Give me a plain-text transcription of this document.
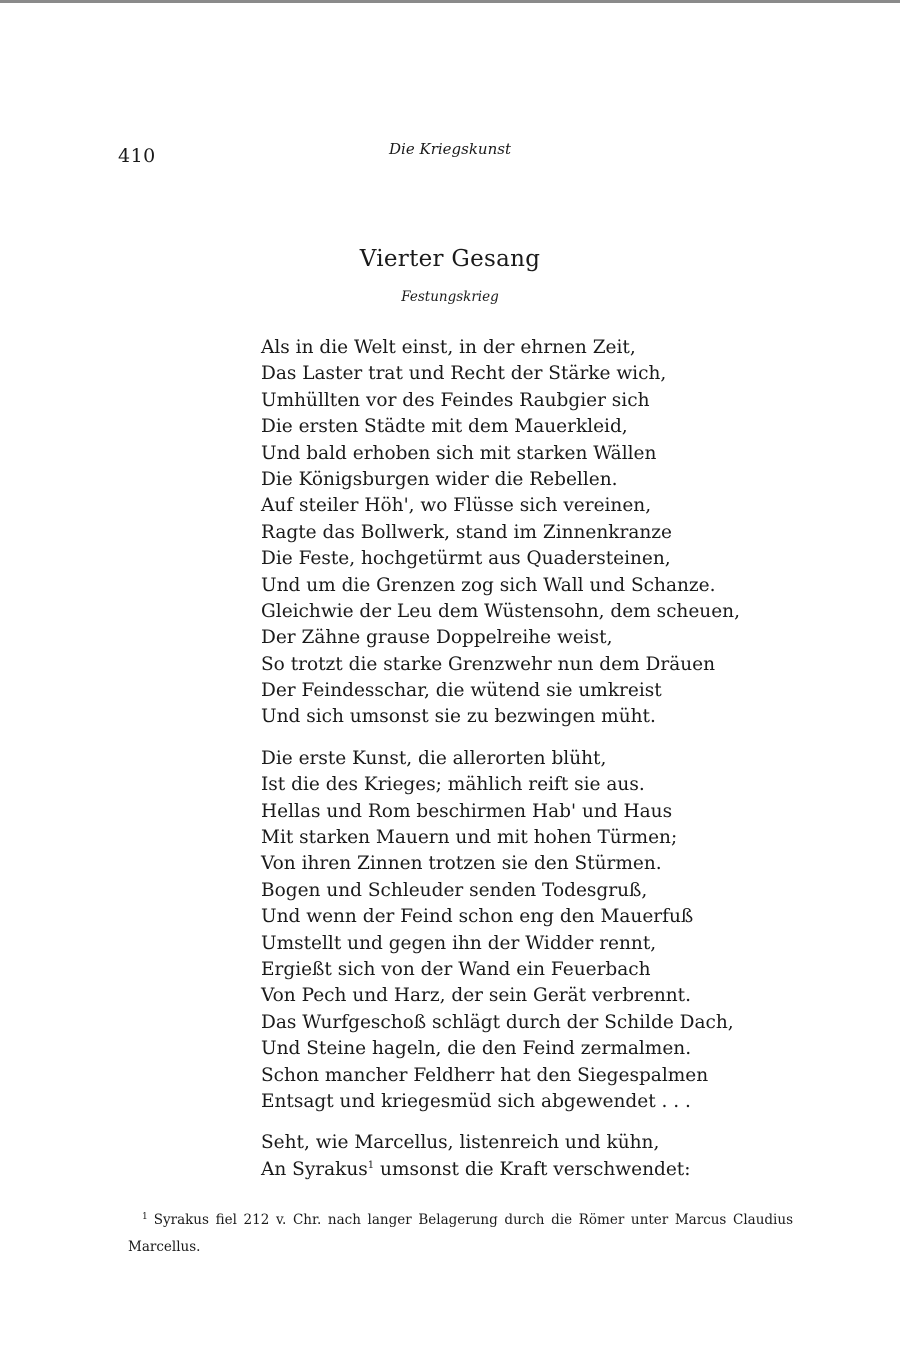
410	Die Kriegskunst
Vierter Gesang
Festungskrieg
Als in die Welt einst, in der ehrnen Zeit,
Das Laster trat und Recht der Stärke wich,
Umhüllten vor des Feindes Raubgier sich
Die ersten Städte mit dem Mauerkleid,
Und bald erhoben sich mit starken Wällen
Die Königsburgen wider die Rebellen.
Auf steiler Höh', wo Flüsse sich vereinen,
Ragte das Bollwerk, stand im Zinnenkranze
Die Feste, hochgetürmt aus Quadersteinen,
Und um die Grenzen zog sich Wall und Schanze.
Gleichwie der Leu dem Wüstensohn, dem scheuen,
Der Zähne grause Doppelreihe weist,
So trotzt die starke Grenzwehr nun dem Dräuen
Der Feindesschar, die wütend sie umkreist
Und sich umsonst sie zu bezwingen müht.
Die erste Kunst, die allerorten blüht,
Ist die des Krieges; mählich reift sie aus.
Hellas und Rom beschirmen Hab' und Haus
Mit starken Mauern und mit hohen Türmen;
Von ihren Zinnen trotzen sie den Stürmen.
Bogen und Schleuder senden Todesgruß,
Und wenn der Feind schon eng den Mauerfuß
Umstellt und gegen ihn der Widder rennt,
Ergießt sich von der Wand ein Feuerbach
Von Pech und Harz, der sein Gerät verbrennt.
Das Wurfgeschoß schlägt durch der Schilde Dach,
Und Steine hageln, die den Feind zermalmen.
Schon mancher Feldherr hat den Siegespalmen
Entsagt und kriegesmüd sich abgewendet . . .
Seht, wie Marcellus, listenreich und kühn,
An Syrakus$^1$ umsonst die Kraft verschwendet:
$^1$ Syrakus fiel 212 v. Chr. nach langer Belagerung durch die Römer unter Marcus Claudius Marcellus.
